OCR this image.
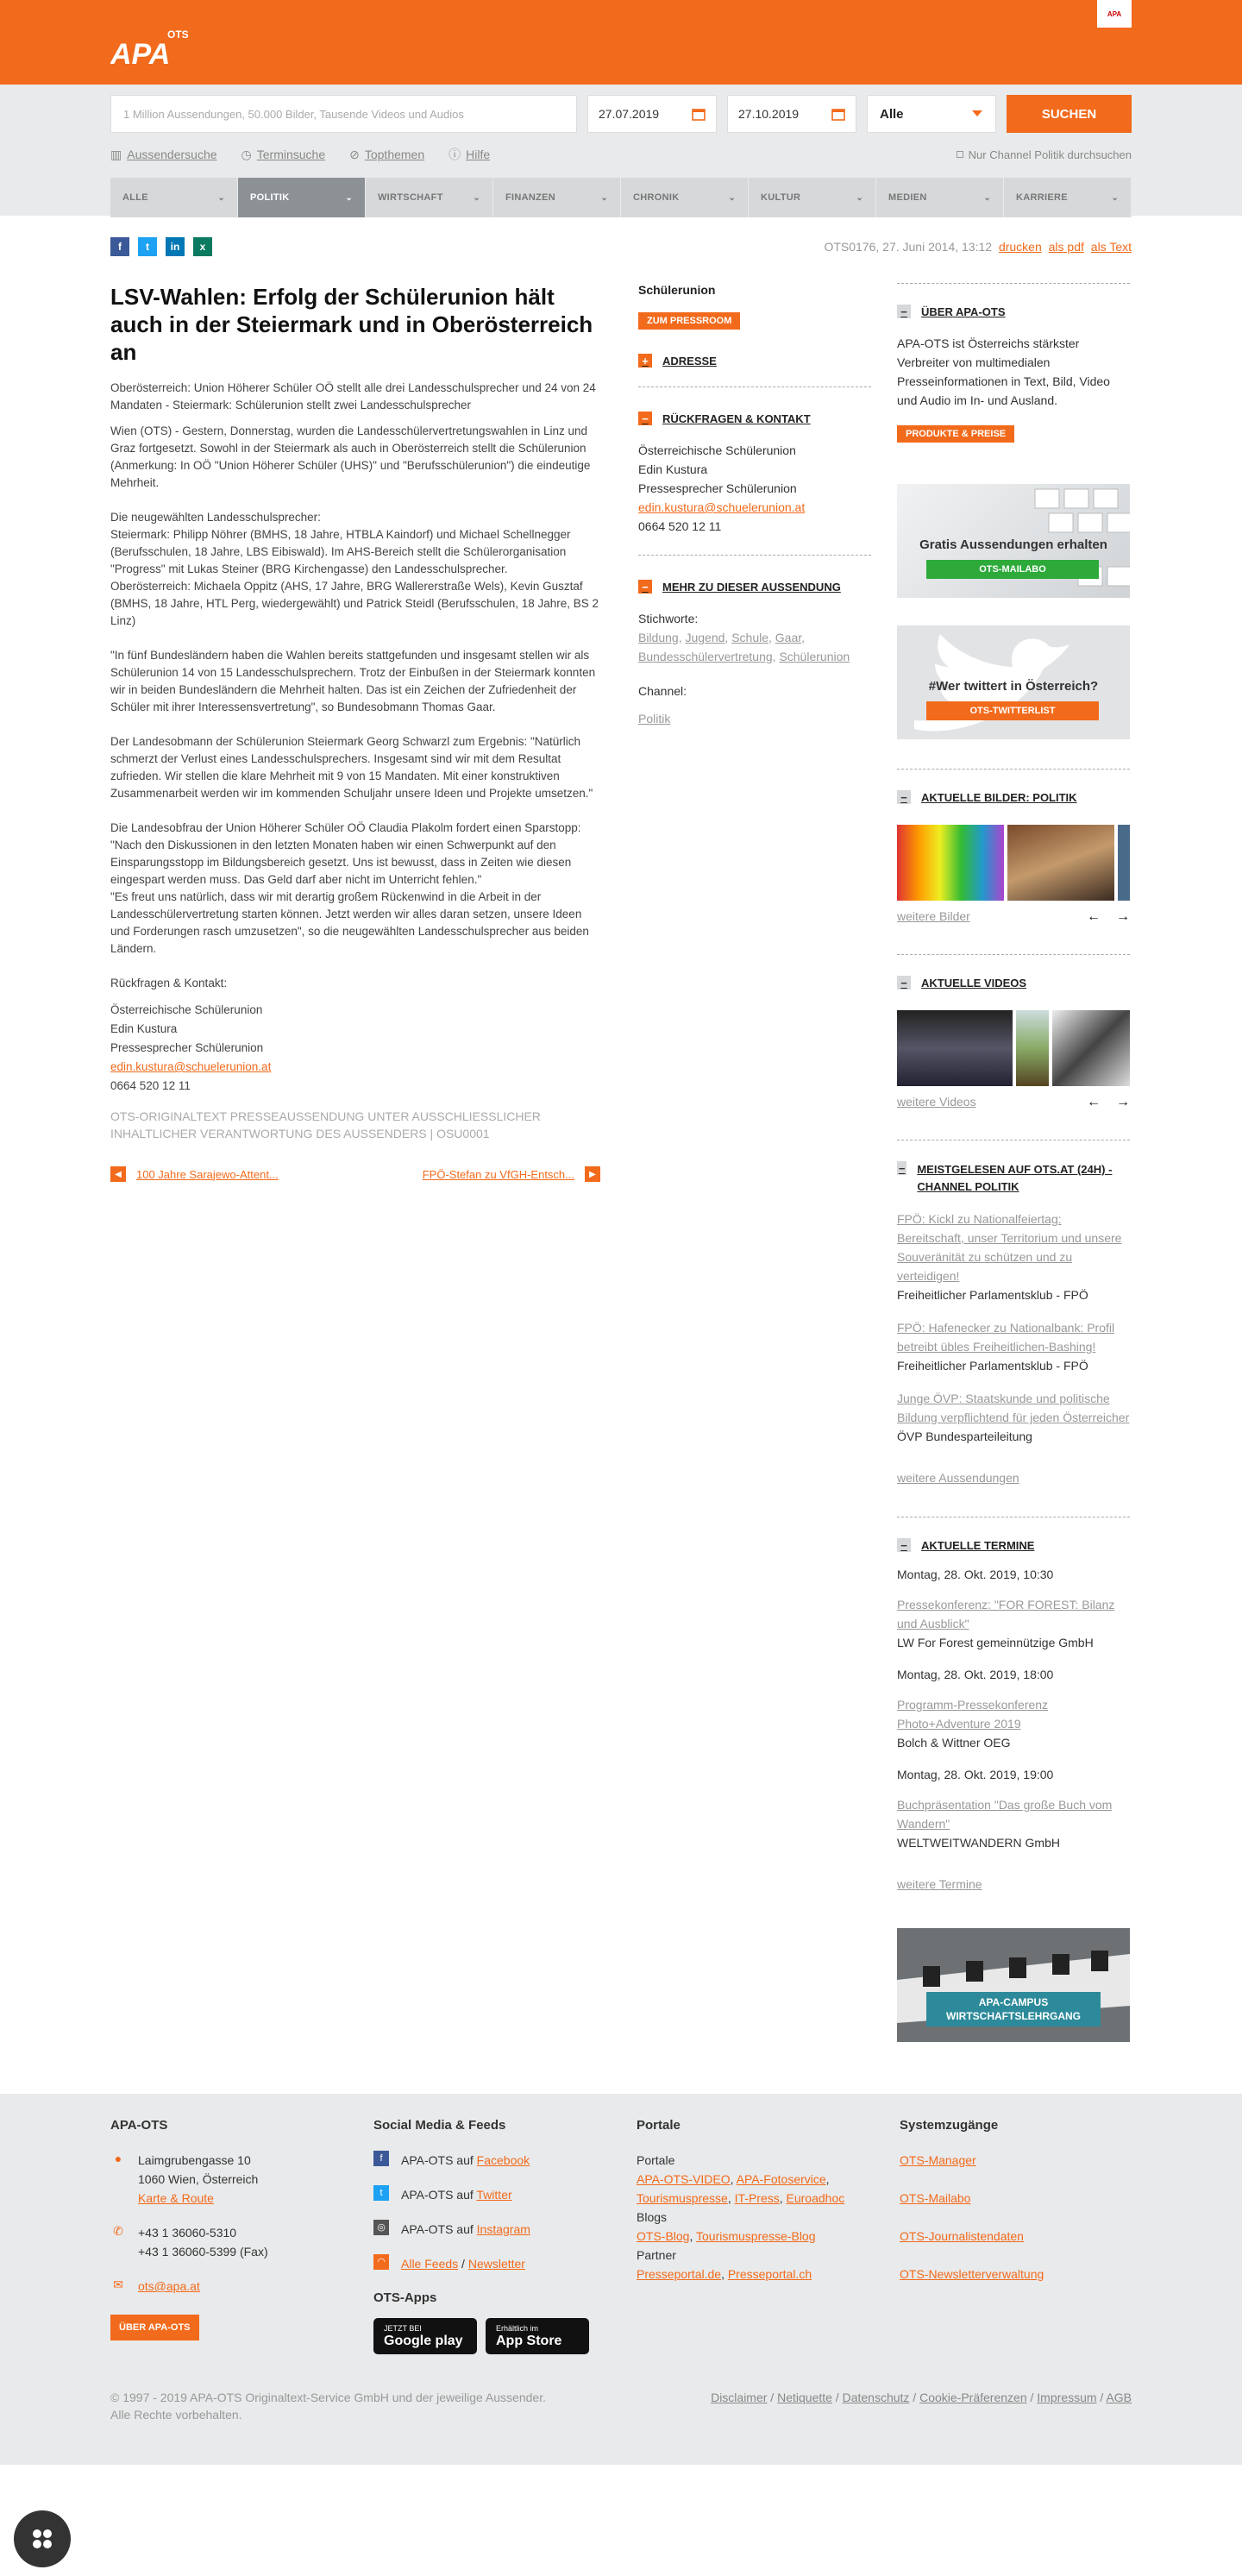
APA
OTS
APA
1 Million Aussendungen, 50.000 Bilder, Tausende Videos und Audios	27.07.2019	27.10.2019	Alle	SUCHEN
▥ Aussendersuche ◷ Terminsuche ⊘ Topthemen ⓘ Hilfe	Nur Channel Politik durchsuchen
ALLE	⌄	POLITIK	⌄	WIRTSCHAFT	⌄	FINANZEN	⌄	CHRONIK	⌄	KULTUR	⌄	MEDIEN	⌄	KARRIERE	⌄
f	t	in	x	OTS0176, 27. Juni 2014, 13:12 drucken als pdf als Text
LSV-Wahlen: Erfolg der Schülerunion hält auch in der Steiermark und in Oberösterreich an

Oberösterreich: Union Höherer Schüler OÖ stellt alle drei Landesschulsprecher und 24 von 24 Mandaten - Steiermark: Schülerunion stellt zwei Landesschulsprecher

Wien (OTS) - Gestern, Donnerstag, wurden die Landesschülervertretungswahlen in Linz und Graz fortgesetzt. Sowohl in der Steiermark als auch in Oberösterreich stellt die Schülerunion (Anmerkung: In OÖ "Union Höherer Schüler (UHS)" und "Berufsschülerunion") die eindeutige Mehrheit.

Die neugewählten Landesschulsprecher:
Steiermark: Philipp Nöhrer (BMHS, 18 Jahre, HTBLA Kaindorf) und Michael Schellnegger (Berufsschulen, 18 Jahre, LBS Eibiswald). Im AHS-Bereich stellt die Schülerorganisation "Progress" mit Lukas Steiner (BRG Kirchengasse) den Landesschulsprecher.
Oberösterreich: Michaela Oppitz (AHS, 17 Jahre, BRG Wallererstraße Wels), Kevin Gusztaf (BMHS, 18 Jahre, HTL Perg, wiedergewählt) und Patrick Steidl (Berufsschulen, 18 Jahre, BS 2 Linz)

"In fünf Bundesländern haben die Wahlen bereits stattgefunden und insgesamt stellen wir als Schülerunion 14 von 15 Landesschulsprechern. Trotz der Einbußen in der Steiermark konnten wir in beiden Bundesländern die Mehrheit halten. Das ist ein Zeichen der Zufriedenheit der Schüler mit ihrer Interessensvertretung", so Bundesobmann Thomas Gaar.

Der Landesobmann der Schülerunion Steiermark Georg Schwarzl zum Ergebnis: "Natürlich schmerzt der Verlust eines Landesschulsprechers. Insgesamt sind wir mit dem Resultat zufrieden. Wir stellen die klare Mehrheit mit 9 von 15 Mandaten. Mit einer konstruktiven Zusammenarbeit werden wir im kommenden Schuljahr unsere Ideen und Projekte umsetzen."

Die Landesobfrau der Union Höherer Schüler OÖ Claudia Plakolm fordert einen Sparstopp: "Nach den Diskussionen in den letzten Monaten haben wir einen Schwerpunkt auf den Einsparungsstopp im Bildungsbereich gesetzt. Uns ist bewusst, dass in Zeiten wie diesen eingespart werden muss. Das Geld darf aber nicht im Unterricht fehlen."
"Es freut uns natürlich, dass wir mit derartig großem Rückenwind in die Arbeit in der Landesschülervertretung starten können. Jetzt werden wir alles daran setzen, unsere Ideen und Forderungen rasch umzusetzen", so die neugewählten Landesschulsprecher aus beiden Ländern.

Rückfragen & Kontakt:

Österreichische Schülerunion
Edin Kustura
Pressesprecher Schülerunion
edin.kustura@schuelerunion.at
0664 520 12 11

OTS-ORIGINALTEXT PRESSEAUSSENDUNG UNTER AUSSCHLIESSLICHER INHALTLICHER VERANTWORTUNG DES AUSSENDERS | OSU0001
◀	100 Jahre Sarajewo-Attent...	FPÖ-Stefan zu VfGH-Entsch...	▶
Schülerunion
ZUM PRESSROOM
+	ADRESSE
−	RÜCKFRAGEN & KONTAKT
Österreichische Schülerunion
Edin Kustura
Pressesprecher Schülerunion
edin.kustura@schuelerunion.at
0664 520 12 11
−	MEHR ZU DIESER AUSSENDUNG
Stichworte:
Bildung, Jugend, Schule, Gaar, Bundesschülervertretung, Schülerunion
Channel:
Politik
−	ÜBER APA-OTS
APA-OTS ist Österreichs stärkster Verbreiter von multimedialen Presseinformationen in Text, Bild, Video und Audio im In- und Ausland.
PRODUKTE & PREISE
Gratis Aussendungen erhalten
OTS-MAILABO
#Wer twittert in Österreich?
OTS-TWITTERLIST
−	AKTUELLE BILDER: POLITIK
weitere Bilder	← →
−	AKTUELLE VIDEOS
weitere Videos	← →
− MEISTGELESEN AUF OTS.AT (24H) - CHANNEL POLITIK
FPÖ: Kickl zu Nationalfeiertag: Bereitschaft, unser Territorium und unsere Souveränität zu schützen und zu verteidigen!
Freiheitlicher Parlamentsklub - FPÖ
FPÖ: Hafenecker zu Nationalbank: Profil betreibt übles Freiheitlichen-Bashing!
Freiheitlicher Parlamentsklub - FPÖ
Junge ÖVP: Staatskunde und politische Bildung verpflichtend für jeden Österreicher
ÖVP Bundesparteileitung
weitere Aussendungen
−	AKTUELLE TERMINE
Montag, 28. Okt. 2019, 10:30
Pressekonferenz: "FOR FOREST: Bilanz und Ausblick"
LW For Forest gemeinnützige GmbH
Montag, 28. Okt. 2019, 18:00
Programm-Pressekonferenz Photo+Adventure 2019
Bolch & Wittner OEG
Montag, 28. Okt. 2019, 19:00
Buchpräsentation "Das große Buch vom Wandern"
WELTWEITWANDERN GmbH
weitere Termine
APA-CAMPUS
WIRTSCHAFTSLEHRGANG
APA-OTS
●	Laimgrubengasse 10
1060 Wien, Österreich
Karte & Route
✆ +43 1 36060-5310
+43 1 36060-5399 (Fax)
✉ ots@apa.at
ÜBER APA-OTS
Social Media & Feeds
f	APA-OTS auf Facebook
t	APA-OTS auf Twitter
◎	APA-OTS auf Instagram
◠	Alle Feeds / Newsletter
OTS-Apps
JETZT BEI
Google play
Erhältlich im
App Store
Portale
Portale
APA-OTS-VIDEO, APA-Fotoservice,
Tourismuspresse, IT-Press, Euroadhoc
Blogs
OTS-Blog, Tourismuspresse-Blog
Partner
Presseportal.de, Presseportal.ch
Systemzugänge
OTS-Manager
OTS-Mailabo
OTS-Journalistendaten
OTS-Newsletterverwaltung
© 1997 - 2019 APA-OTS Originaltext-Service GmbH und der jeweilige Aussender.
Alle Rechte vorbehalten.
Disclaimer / Netiquette / Datenschutz / Cookie-Präferenzen / Impressum / AGB
